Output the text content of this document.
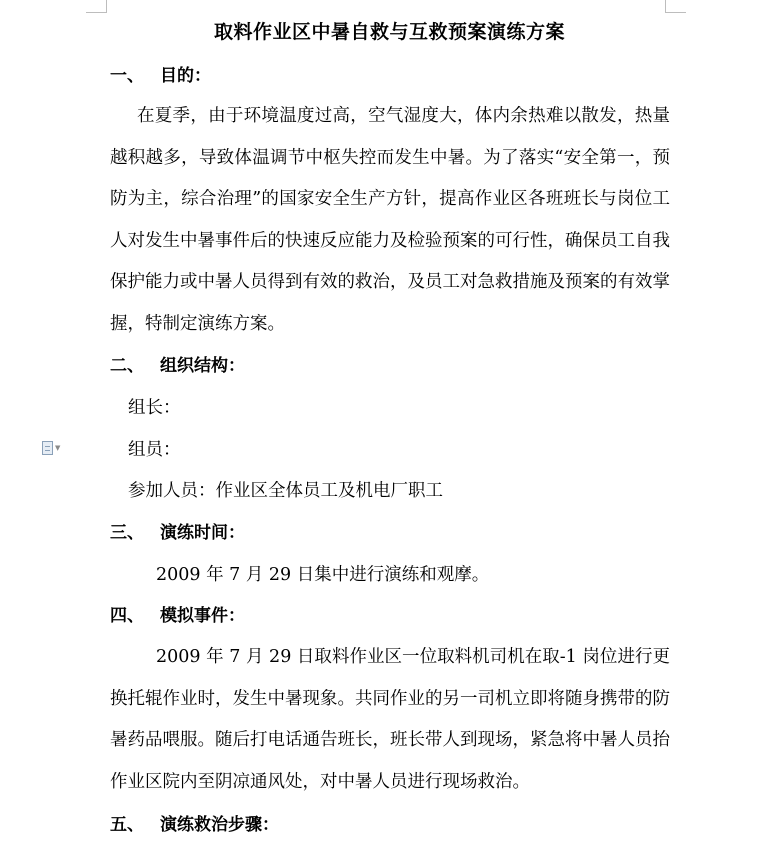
▼
取料作业区中暑自救与互救预案演练方案
一、 目的：
在夏季，由于环境温度过高，空气湿度大，体内余热难以散发，热量越积越多，导致体温调节中枢失控而发生中暑。为了落实“安全第一，预防为主，综合治理”的国家安全生产方针，提高作业区各班班长与岗位工人对发生中暑事件后的快速反应能力及检验预案的可行性，确保员工自我保护能力或中暑人员得到有效的救治，及员工对急救措施及预案的有效掌握，特制定演练方案。
二、 组织结构：
组长：
组员：
参加人员：作业区全体员工及机电厂职工
三、 演练时间：
2009 年 7 月 29 日集中进行演练和观摩。
四、 模拟事件：
2009 年 7 月 29 日取料作业区一位取料机司机在取-1 岗位进行更换托辊作业时，发生中暑现象。共同作业的另一司机立即将随身携带的防暑药品喂服。随后打电话通告班长，班长带人到现场，紧急将中暑人员抬作业区院内至阴凉通风处，对中暑人员进行现场救治。
五、 演练救治步骤：
